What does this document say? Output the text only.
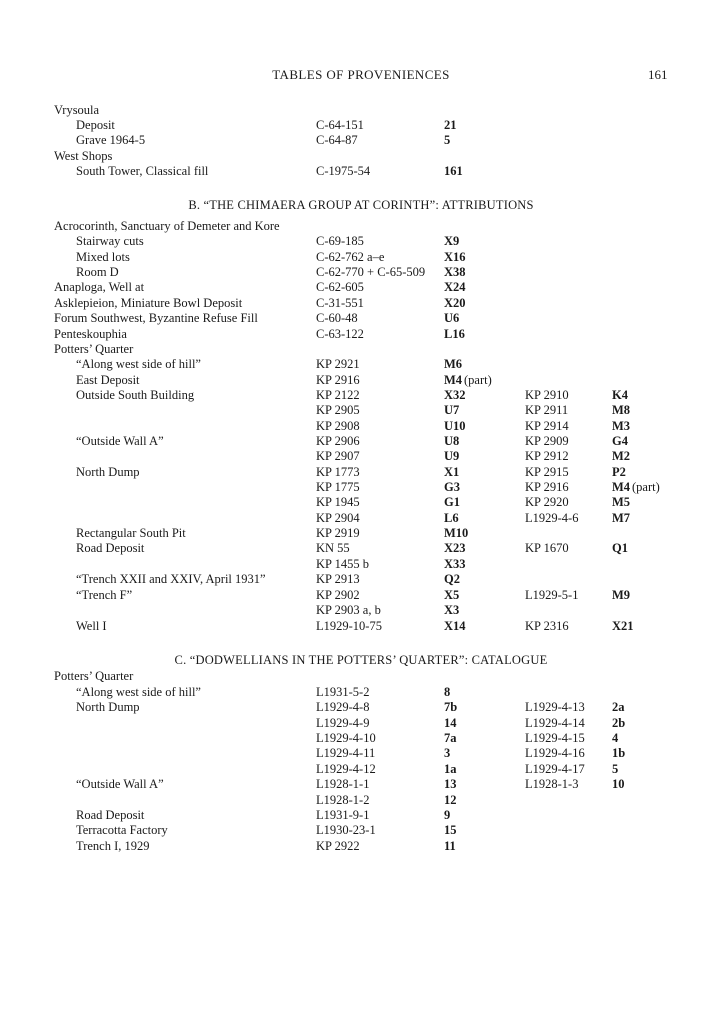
TABLES OF PROVENIENCES	161
Vrysoula
Deposit	C-64-151	21
Grave 1964-5	C-64-87	5
West Shops
South Tower, Classical fill	C-1975-54	161
B. “THE CHIMAERA GROUP AT CORINTH”: ATTRIBUTIONS
Acrocorinth, Sanctuary of Demeter and Kore
Stairway cuts	C-69-185	X9
Mixed lots	C-62-762 a–e	X16
Room D	C-62-770 + C-65-509 X38
Anaploga, Well at	C-62-605	X24
Asklepieion, Miniature Bowl Deposit	C-31-551	X20
Forum Southwest, Byzantine Refuse Fill	C-60-48	U6
Penteskouphia	C-63-122	L16
Potters’ Quarter
“Along west side of hill”	KP 2921	M6
East Deposit	KP 2916	M4 (part)
Outside South Building	KP 2122	X32	KP 2910	K4
KP 2905	U7	KP 2911	M8
KP 2908	U10	KP 2914	M3
“Outside Wall A”	KP 2906	U8	KP 2909	G4
KP 2907	U9	KP 2912	M2
North Dump	KP 1773	X1	KP 2915	P2
KP 1775	G3	KP 2916	M4 (part)
KP 1945	G1	KP 2920	M5
KP 2904	L6	L1929-4-6	M7
Rectangular South Pit	KP 2919	M10
Road Deposit	KN 55	X23	KP 1670	Q1
KP 1455 b	X33
“Trench XXII and XXIV, April 1931”	KP 2913	Q2
“Trench F”	KP 2902	X5	L1929-5-1	M9
KP 2903 a, b	X3
Well I	L1929-10-75	X14	KP 2316	X21
C. “DODWELLIANS IN THE POTTERS’ QUARTER”: CATALOGUE
Potters’ Quarter
“Along west side of hill”	L1931-5-2	8
North Dump	L1929-4-8	7b	L1929-4-13 2a
L1929-4-9	14	L1929-4-14 2b
L1929-4-10	7a	L1929-4-15 4
L1929-4-11	3	L1929-4-16 1b
L1929-4-12	1a	L1929-4-17 5
“Outside Wall A”	L1928-1-1	13	L1928-1-3	10
L1928-1-2	12
Road Deposit	L1931-9-1	9
Terracotta Factory	L1930-23-1	15
Trench I, 1929	KP 2922	11
